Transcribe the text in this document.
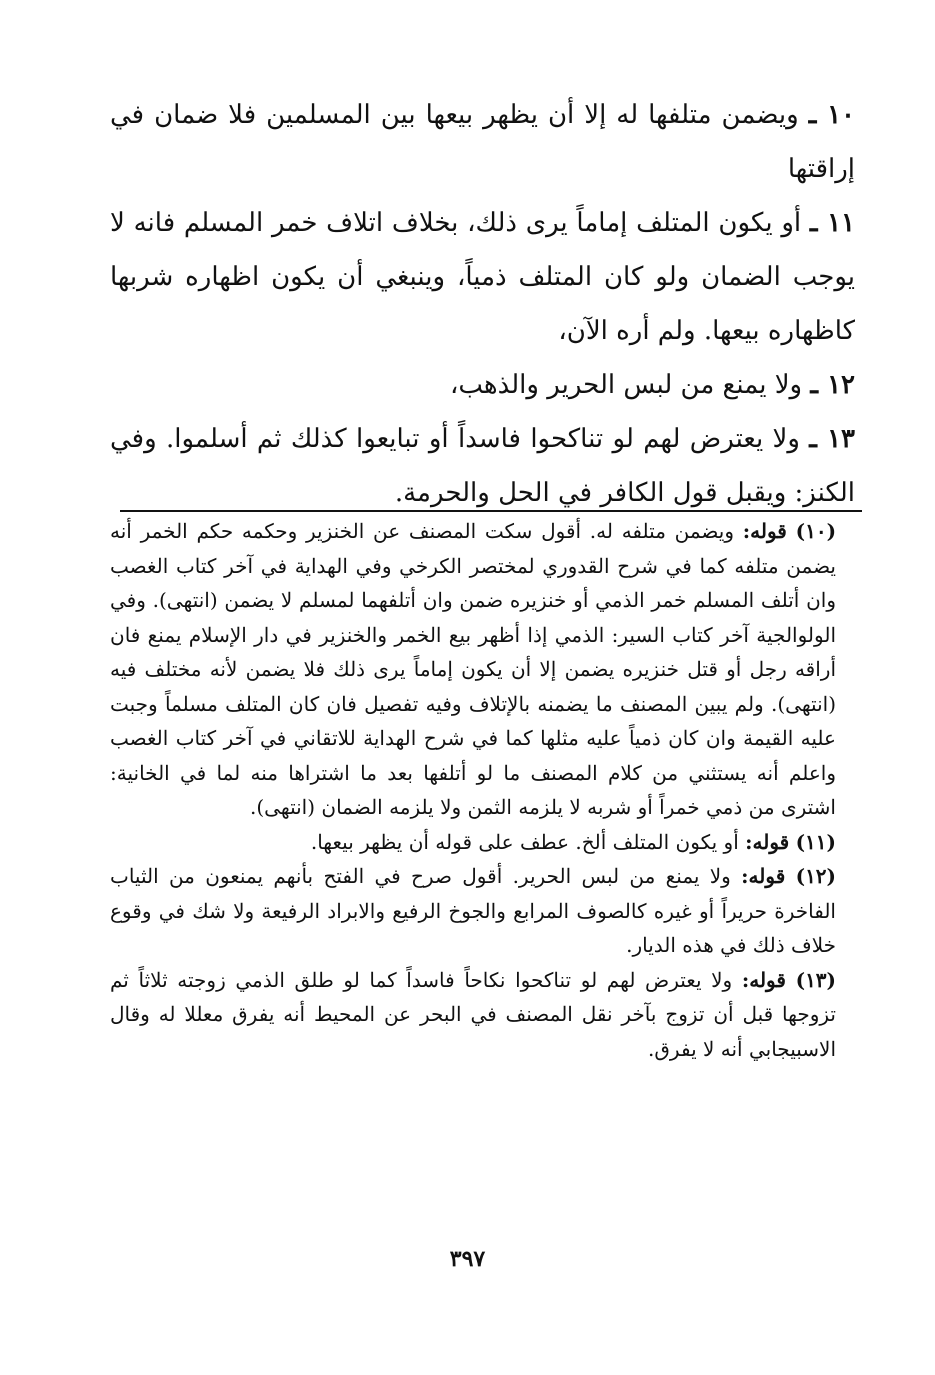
١٠ ـ ويضمن متلفها له إلا أن يظهر بيعها بين المسلمين فلا ضمان في إراقتها

١١ ـ أو يكون المتلف إماماً يرى ذلك، بخلاف اتلاف خمر المسلم فانه لا يوجب الضمان ولو كان المتلف ذمياً، وينبغي أن يكون اظهاره شربها كاظهاره بيعها. ولم أره الآن،

١٢ ـ ولا يمنع من لبس الحرير والذهب،

١٣ ـ ولا يعترض لهم لو تناكحوا فاسداً أو تبايعوا كذلك ثم أسلموا. وفي الكنز: ويقبل قول الكافر في الحل والحرمة.

(١٠) قوله: ويضمن متلفه له. أقول سكت المصنف عن الخنزير وحكمه حكم الخمر أنه يضمن متلفه كما في شرح القدوري لمختصر الكرخي وفي الهداية في آخر كتاب الغصب وان أتلف المسلم خمر الذمي أو خنزيره ضمن وان أتلفهما لمسلم لا يضمن (انتهى). وفي الولوالجية آخر كتاب السير: الذمي إذا أظهر بيع الخمر والخنزير في دار الإسلام يمنع فان أراقه رجل أو قتل خنزيره يضمن إلا أن يكون إماماً يرى ذلك فلا يضمن لأنه مختلف فيه (انتهى). ولم يبين المصنف ما يضمنه بالإتلاف وفيه تفصيل فان كان المتلف مسلماً وجبت عليه القيمة وان كان ذمياً عليه مثلها كما في شرح الهداية للاتقاني في آخر كتاب الغصب واعلم أنه يستثني من كلام المصنف ما لو أتلفها بعد ما اشتراها منه لما في الخانية: اشترى من ذمي خمراً أو شربه لا يلزمه الثمن ولا يلزمه الضمان (انتهى).

(١١) قوله: أو يكون المتلف ألخ. عطف على قوله أن يظهر بيعها.

(١٢) قوله: ولا يمنع من لبس الحرير. أقول صرح في الفتح بأنهم يمنعون من الثياب الفاخرة حريراً أو غيره كالصوف المرابع والجوخ الرفيع والابراد الرفيعة ولا شك في وقوع خلاف ذلك في هذه الديار.

(١٣) قوله: ولا يعترض لهم لو تناكحوا نكاحاً فاسداً كما لو طلق الذمي زوجته ثلاثاً ثم تزوجها قبل أن تزوج بآخر نقل المصنف في البحر عن المحيط أنه يفرق معللا له وقال الاسبيجابي أنه لا يفرق.

٣٩٧
